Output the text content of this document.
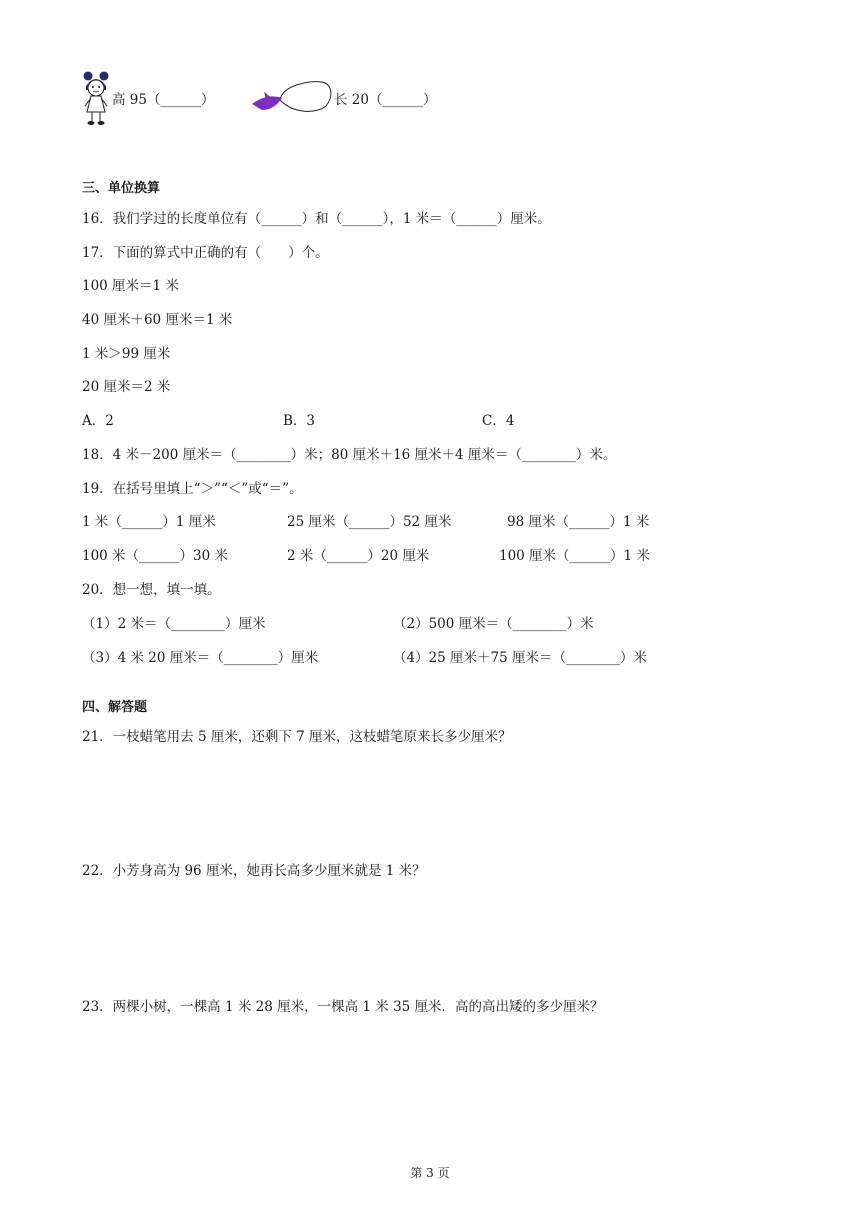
高 95（______）	长 20（______）
三、单位换算
16．我们学过的长度单位有（______）和（______），1 米＝（______）厘米。
17．下面的算式中正确的有（　　）个。
100 厘米＝1 米
40 厘米＋60 厘米＝1 米
1 米＞99 厘米
20 厘米＝2 米
A．2	B．3	C．4
18．4 米－200 厘米＝（________）米；80 厘米＋16 厘米＋4 厘米＝（________）米。
19．在括号里填上“＞”“＜”或“＝”。
1 米（______）1 厘米	25 厘米（______）52 厘米	98 厘米（______）1 米
100 米（______）30 米	2 米（______）20 厘米	100 厘米（______）1 米
20．想一想，填一填。
（1）2 米＝（________）厘米	（2）500 厘米＝（________）米
（3）4 米 20 厘米＝（________）厘米	（4）25 厘米＋75 厘米＝（________）米
四、解答题
21．一枝蜡笔用去 5 厘米，还剩下 7 厘米，这枝蜡笔原来长多少厘米？
22．小芳身高为 96 厘米，她再长高多少厘米就是 1 米？
23．两棵小树，一棵高 1 米 28 厘米，一棵高 1 米 35 厘米．高的高出矮的多少厘米？
第 3 页
